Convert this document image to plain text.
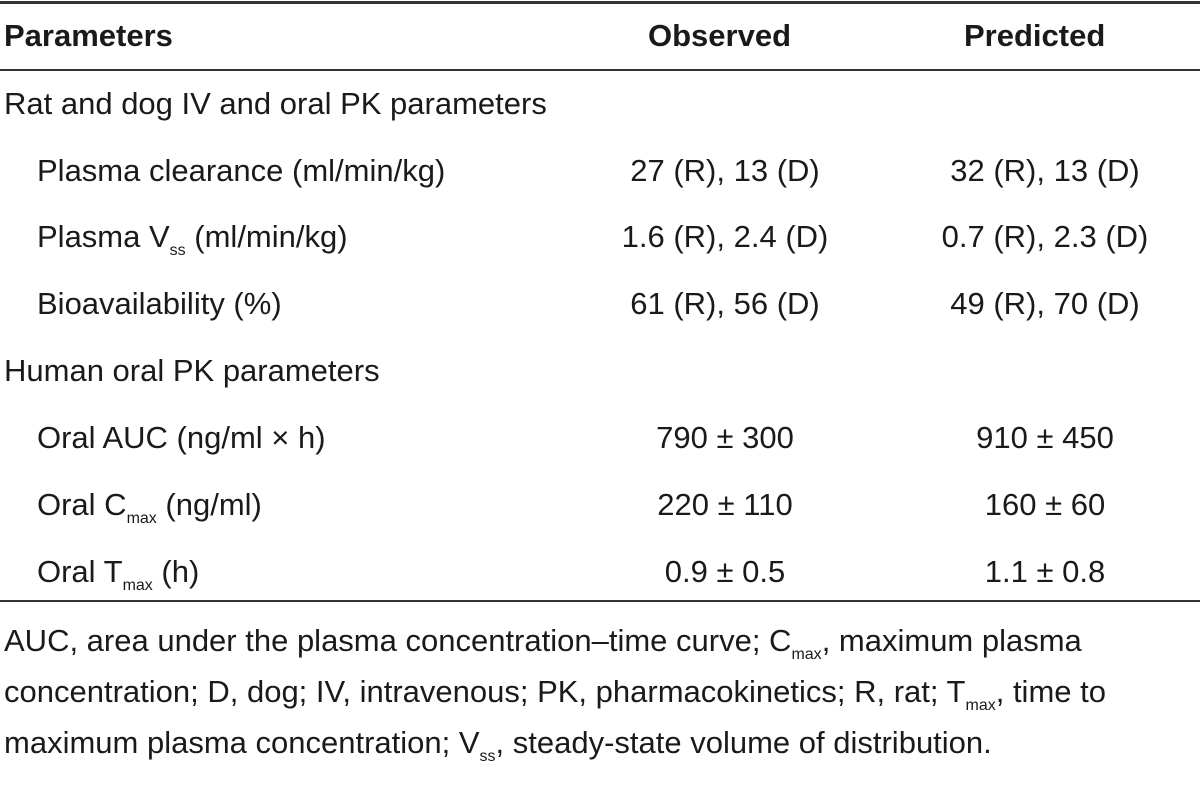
Parameters	Observed	Predicted
Rat and dog IV and oral PK parameters
Plasma clearance (ml/min/kg)	27 (R), 13 (D)	32 (R), 13 (D)
Plasma $V_{ss}$ (ml/min/kg)	1.6 (R), 2.4 (D)	0.7 (R), 2.3 (D)
Bioavailability (%)	61 (R), 56 (D)	49 (R), 70 (D)
Human oral PK parameters
Oral AUC (ng/ml × h)	790 ± 300	910 ± 450
Oral $C_{max}$ (ng/ml)	220 ± 110	160 ± 60
Oral $T_{max}$ (h)	0.9 ± 0.5	1.1 ± 0.8
AUC, area under the plasma concentration–time curve; $C_{max}$, maximum plasma concentration; D, dog; IV, intravenous; PK, pharmacokinetics; R, rat; $T_{max}$, time to maximum plasma concentration; $V_{ss}$, steady-state volume of distribution.
